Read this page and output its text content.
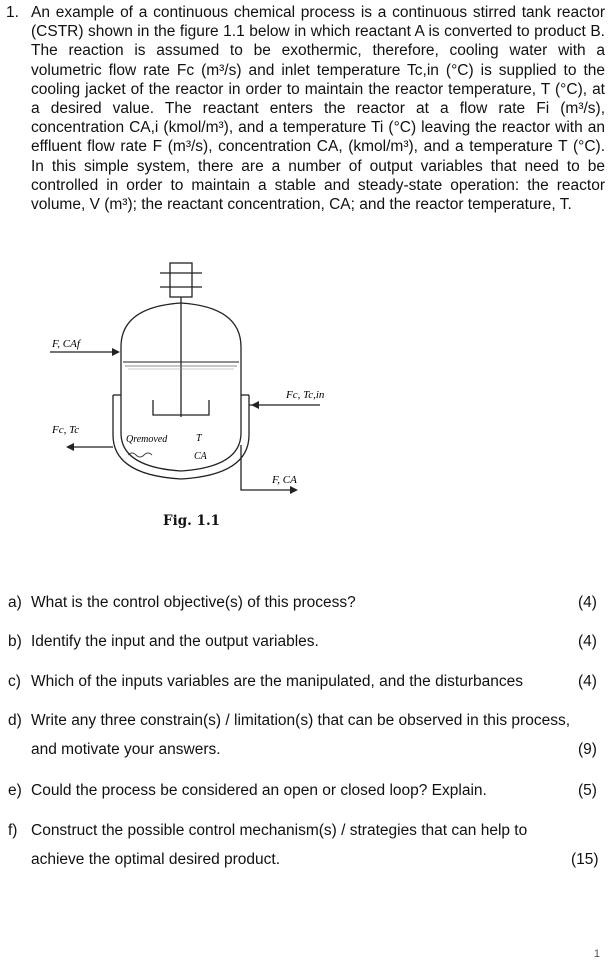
1. An example of a continuous chemical process is a continuous stirred tank reactor (CSTR) shown in the figure 1.1 below in which reactant A is converted to product B. The reaction is assumed to be exothermic, therefore, cooling water with a volumetric flow rate Fc (m³/s) and inlet temperature Tc,in (°C) is supplied to the cooling jacket of the reactor in order to maintain the reactor temperature, T (°C), at a desired value. The reactant enters the reactor at a flow rate Fi (m³/s), concentration CA,i (kmol/m³), and a temperature Ti (°C) leaving the reactor with an effluent flow rate F (m³/s), concentration CA, (kmol/m³), and a temperature T (°C). In this simple system, there are a number of output variables that need to be controlled in order to maintain a stable and steady-state operation: the reactor volume, V (m³); the reactant concentration, CA; and the reactor temperature, T.
F, CAf
Fc, Tc
Fc, Tc,in
Qremoved	T
CA
F, CA
Fig. 1.1
a) What is the control objective(s) of this process?	(4)
b) Identify the input and the output variables.	(4)
c) Which of the inputs variables are the manipulated, and the disturbances	(4)
d) Write any three constrain(s) / limitation(s) that can be observed in this process,
and motivate your answers.	(9)
e) Could the process be considered an open or closed loop? Explain.	(5)
f) Construct the possible control mechanism(s) / strategies that can help to
achieve the optimal desired product.	(15)
1
